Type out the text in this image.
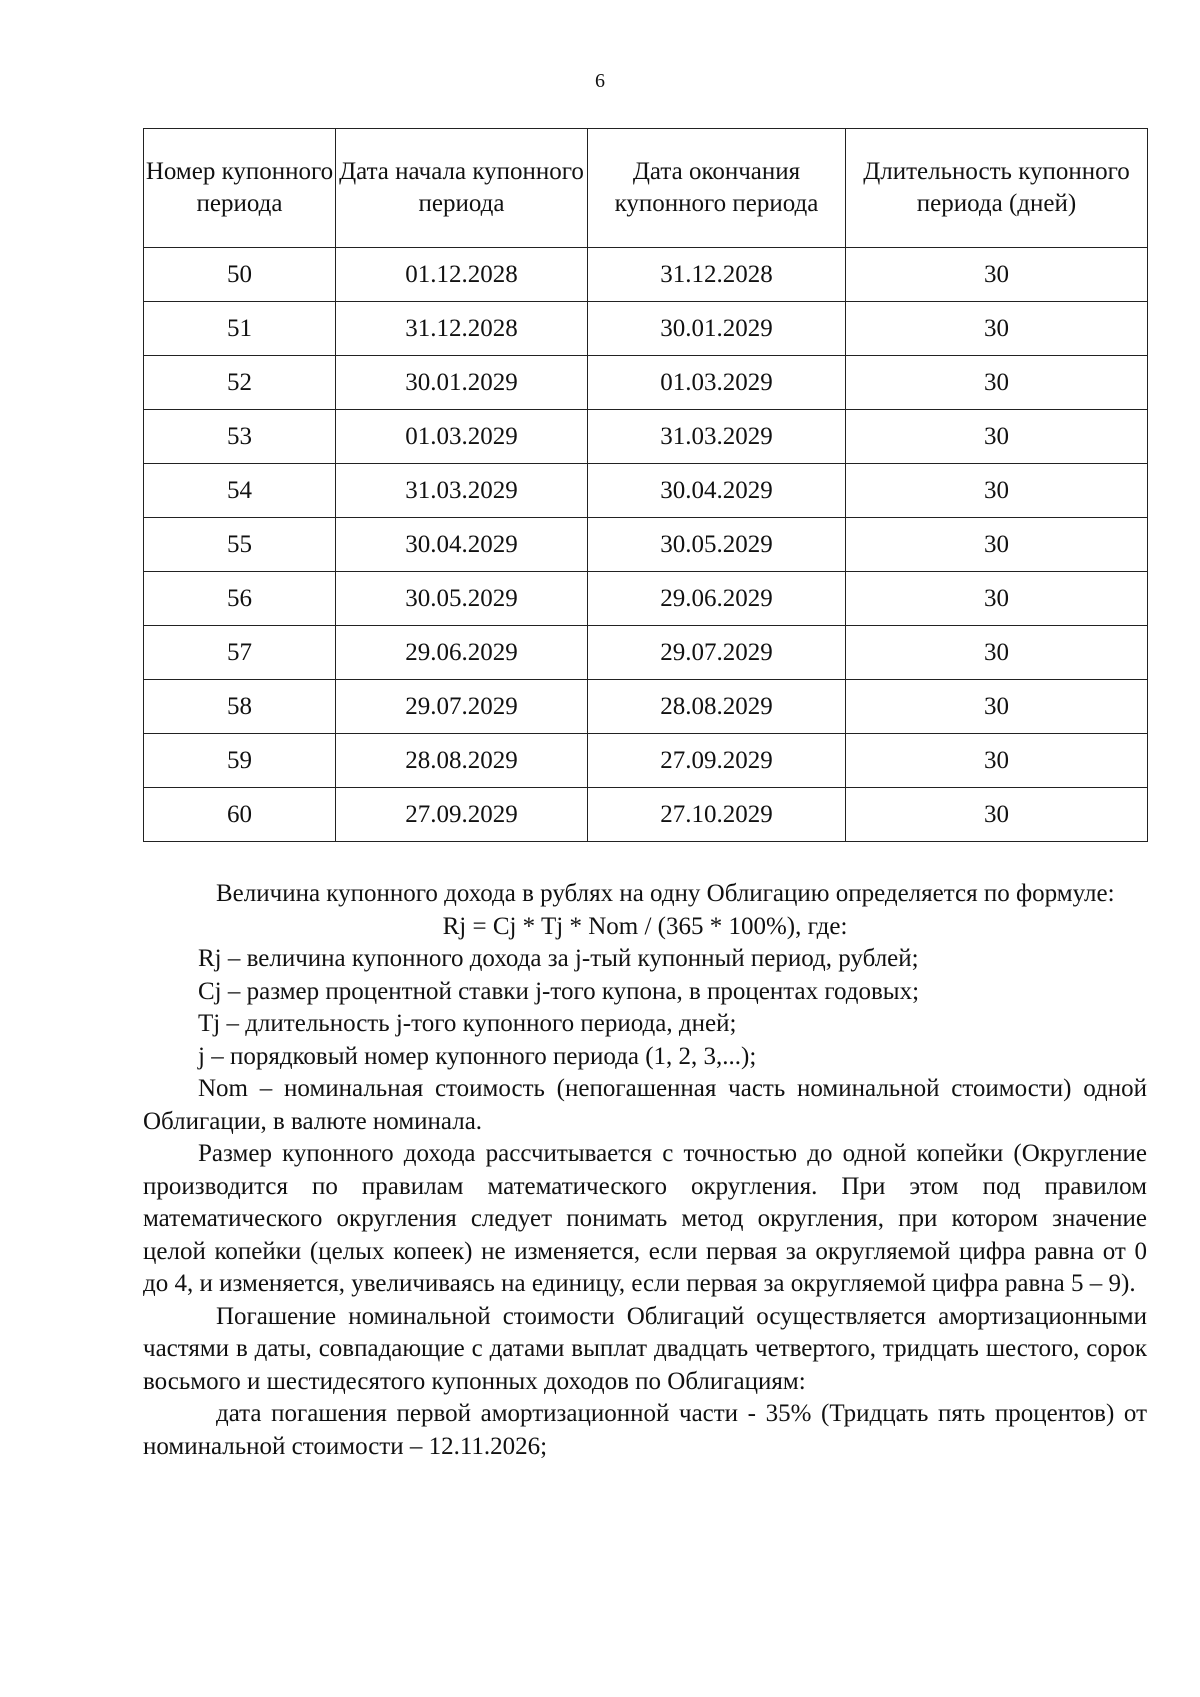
6
Номер купонного периода	Дата начала купонного периода	Дата окончания купонного периода	Длительность купонного периода (дней)
50	01.12.2028	31.12.2028	30
51	31.12.2028	30.01.2029	30
52	30.01.2029	01.03.2029	30
53	01.03.2029	31.03.2029	30
54	31.03.2029	30.04.2029	30
55	30.04.2029	30.05.2029	30
56	30.05.2029	29.06.2029	30
57	29.06.2029	29.07.2029	30
58	29.07.2029	28.08.2029	30
59	28.08.2029	27.09.2029	30
60	27.09.2029	27.10.2029	30

Величина купонного дохода в рублях на одну Облигацию определяется по формуле:

Rj = Cj * Tj * Nom / (365 * 100%), где:

Rj – величина купонного дохода за j-тый купонный период, рублей;

Cj – размер процентной ставки j-того купона, в процентах годовых;

Tj – длительность j-того купонного периода, дней;

j – порядковый номер купонного периода (1, 2, 3,...);

Nom – номинальная стоимость (непогашенная часть номинальной стоимости) одной Облигации, в валюте номинала.

Размер купонного дохода рассчитывается с точностью до одной копейки (Округление производится по правилам математического округления. При этом под правилом математического округления следует понимать метод округления, при котором значение целой копейки (целых копеек) не изменяется, если первая за округляемой цифра равна от 0 до 4, и изменяется, увеличиваясь на единицу, если первая за округляемой цифра равна 5 – 9).

Погашение номинальной стоимости Облигаций осуществляется амортизационными частями в даты, совпадающие с датами выплат двадцать четвертого, тридцать шестого, сорок восьмого и шестидесятого купонных доходов по Облигациям:

дата погашения первой амортизационной части - 35% (Тридцать пять процентов) от номинальной стоимости – 12.11.2026;
